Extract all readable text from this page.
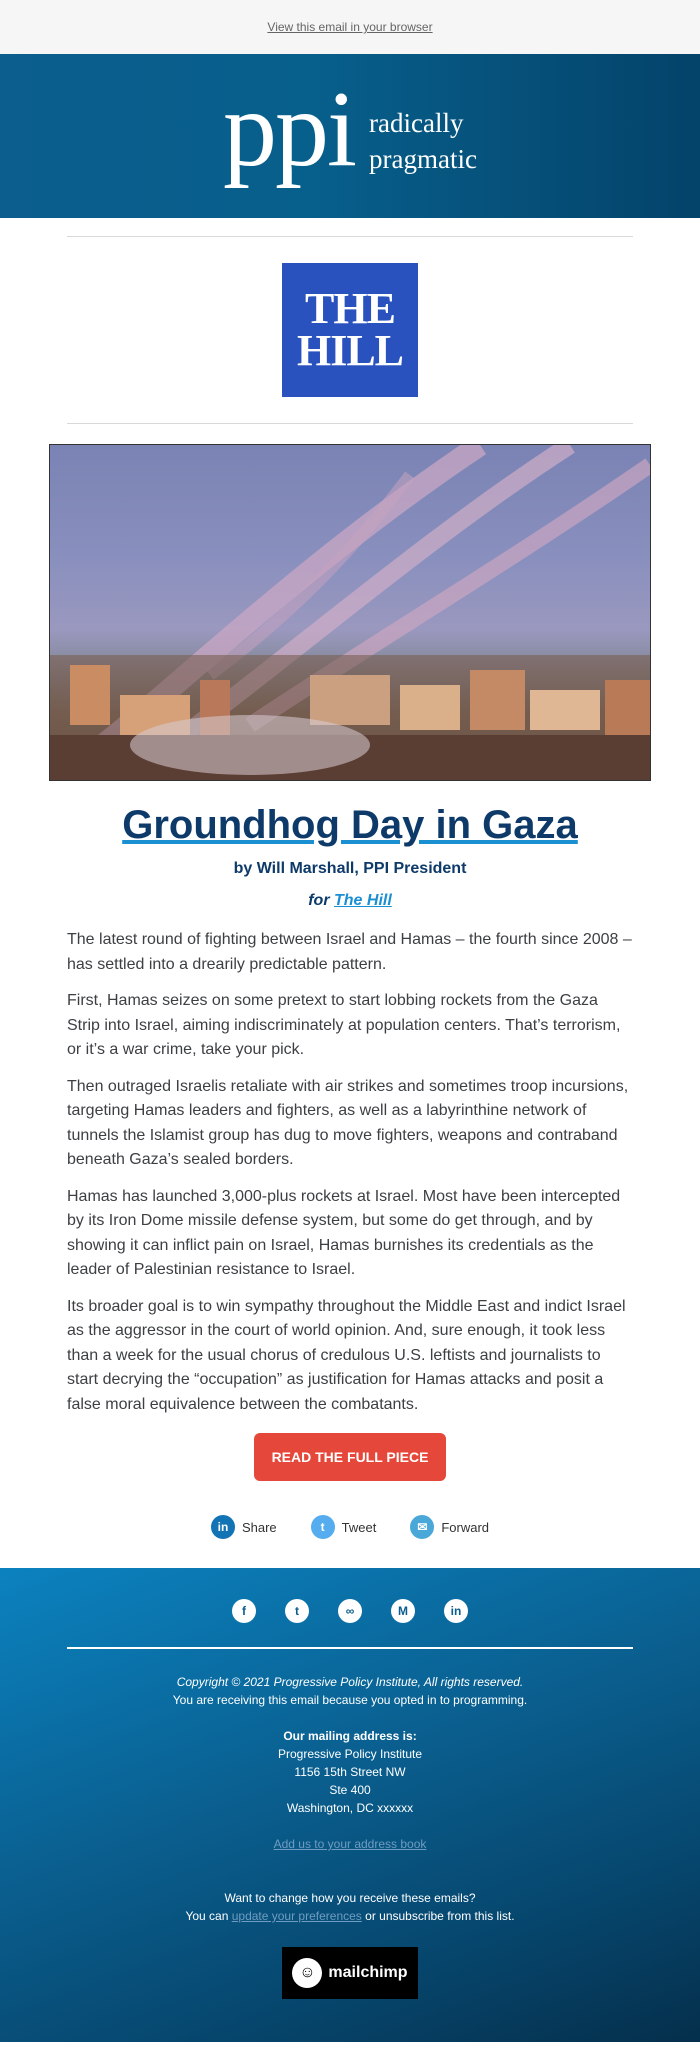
View this email in your browser
ppi radically
pragmatic
THE
HILL
Groundhog Day in Gaza
by Will Marshall, PPI President
for The Hill

The latest round of fighting between Israel and Hamas – the fourth since 2008 – has settled into a drearily predictable pattern.

First, Hamas seizes on some pretext to start lobbing rockets from the Gaza Strip into Israel, aiming indiscriminately at population centers. That’s terrorism, or it’s a war crime, take your pick.

Then outraged Israelis retaliate with air strikes and sometimes troop incursions, targeting Hamas leaders and fighters, as well as a labyrinthine network of tunnels the Islamist group has dug to move fighters, weapons and contraband beneath Gaza’s sealed borders.

Hamas has launched 3,000-plus rockets at Israel. Most have been intercepted by its Iron Dome missile defense system, but some do get through, and by showing it can inflict pain on Israel, Hamas burnishes its credentials as the leader of Palestinian resistance to Israel.

Its broader goal is to win sympathy throughout the Middle East and indict Israel as the aggressor in the court of world opinion. And, sure enough, it took less than a week for the usual chorus of credulous U.S. leftists and journalists to start decrying the “occupation” as justification for Hamas attacks and posit a false moral equivalence between the combatants.

READ THE FULL PIECE
in	Share	t	Tweet	✉	Forward
f	t	∞	M	in
Copyright © 2021 Progressive Policy Institute, All rights reserved.
You are receiving this email because you opted in to programming.
Our mailing address is:
Progressive Policy Institute
1156 15th Street NW
Ste 400
Washington, DC xxxxxx
Add us to your address book
Want to change how you receive these emails?
You can update your preferences or unsubscribe from this list.
☺ mailchimp
